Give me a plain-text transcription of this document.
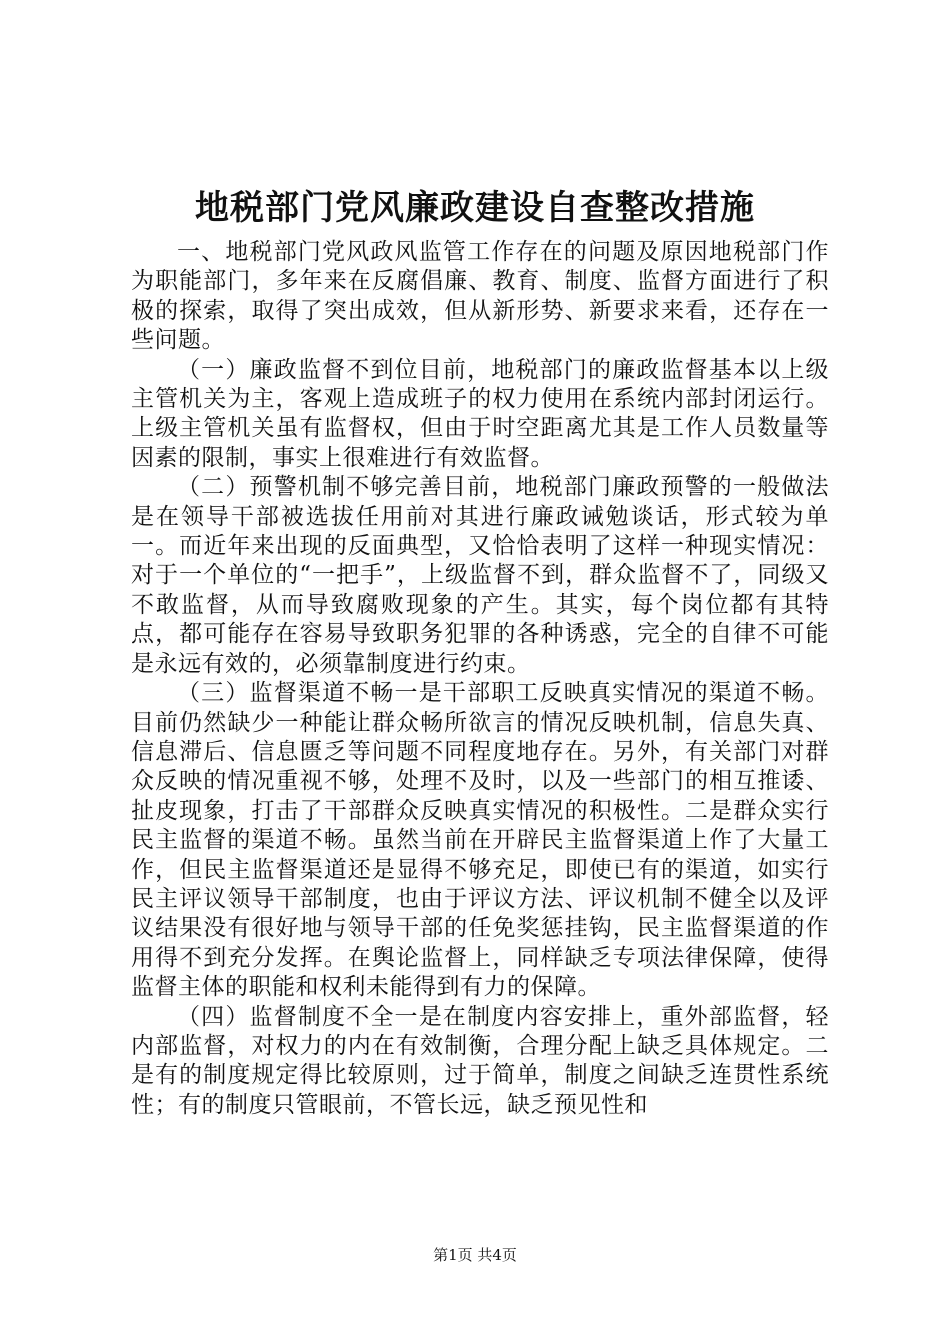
地税部门党风廉政建设自查整改措施

一、地税部门党风政风监管工作存在的问题及原因地税部门作为职能部门，多年来在反腐倡廉、教育、制度、监督方面进行了积极的探索，取得了突出成效，但从新形势、新要求来看，还存在一些问题。

（一）廉政监督不到位目前，地税部门的廉政监督基本以上级主管机关为主，客观上造成班子的权力使用在系统内部封闭运行。上级主管机关虽有监督权，但由于时空距离尤其是工作人员数量等因素的限制，事实上很难进行有效监督。

（二）预警机制不够完善目前，地税部门廉政预警的一般做法是在领导干部被选拔任用前对其进行廉政诫勉谈话，形式较为单一。而近年来出现的反面典型，又恰恰表明了这样一种现实情况：对于一个单位的“一把手”，上级监督不到，群众监督不了，同级又不敢监督，从而导致腐败现象的产生。其实，每个岗位都有其特点，都可能存在容易导致职务犯罪的各种诱惑，完全的自律不可能是永远有效的，必须靠制度进行约束。

（三）监督渠道不畅一是干部职工反映真实情况的渠道不畅。目前仍然缺少一种能让群众畅所欲言的情况反映机制，信息失真、信息滞后、信息匮乏等问题不同程度地存在。另外，有关部门对群众反映的情况重视不够，处理不及时，以及一些部门的相互推诿、扯皮现象，打击了干部群众反映真实情况的积极性。二是群众实行民主监督的渠道不畅。虽然当前在开辟民主监督渠道上作了大量工作，但民主监督渠道还是显得不够充足，即使已有的渠道，如实行民主评议领导干部制度，也由于评议方法、评议机制不健全以及评议结果没有很好地与领导干部的任免奖惩挂钩，民主监督渠道的作用得不到充分发挥。在舆论监督上，同样缺乏专项法律保障，使得监督主体的职能和权利未能得到有力的保障。

（四）监督制度不全一是在制度内容安排上，重外部监督，轻内部监督，对权力的内在有效制衡，合理分配上缺乏具体规定。二是有的制度规定得比较原则，过于简单，制度之间缺乏连贯性系统性；有的制度只管眼前，不管长远，缺乏预见性和

第1页 共4页
